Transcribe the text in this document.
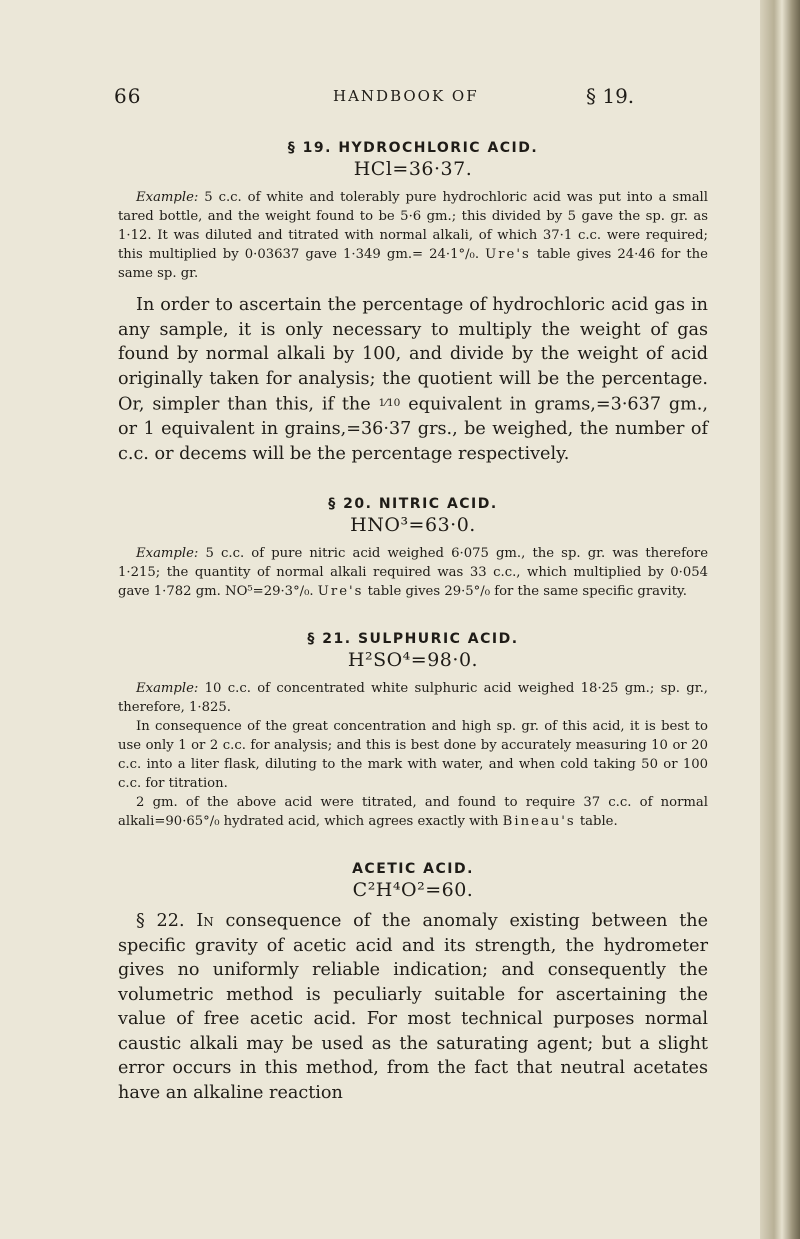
66	HANDBOOK OF	§ 19.
§ 19. HYDROCHLORIC ACID.
HCl=36·37.

Example: 5 c.c. of white and tolerably pure hydrochloric acid was put into a small tared bottle, and the weight found to be 5·6 gm.; this divided by 5 gave the sp. gr. as 1·12. It was diluted and titrated with normal alkali, of which 37·1 c.c. were required; this multiplied by 0·03637 gave 1·349 gm.= 24·1°/₀. Ure's table gives 24·46 for the same sp. gr.

In order to ascertain the percentage of hydrochloric acid gas in any sample, it is only necessary to multiply the weight of gas found by normal alkali by 100, and divide by the weight of acid originally taken for analysis; the quotient will be the percentage. Or, simpler than this, if the $^{1⁄10}$ equivalent in grams,=3·637 gm., or 1 equivalent in grains,=36·37 grs., be weighed, the number of c.c. or decems will be the percentage respectively.

§ 20. NITRIC ACID.
HNO³=63·0.

Example: 5 c.c. of pure nitric acid weighed 6·075 gm., the sp. gr. was therefore 1·215; the quantity of normal alkali required was 33 c.c., which multiplied by 0·054 gave 1·782 gm. NO⁵=29·3°/₀. Ure's table gives 29·5°/₀ for the same specific gravity.

§ 21. SULPHURIC ACID.
H²SO⁴=98·0.

Example: 10 c.c. of concentrated white sulphuric acid weighed 18·25 gm.; sp. gr., therefore, 1·825.

In consequence of the great concentration and high sp. gr. of this acid, it is best to use only 1 or 2 c.c. for analysis; and this is best done by accurately measuring 10 or 20 c.c. into a liter flask, diluting to the mark with water, and when cold taking 50 or 100 c.c. for titration.

2 gm. of the above acid were titrated, and found to require 37 c.c. of normal alkali=90·65°/₀ hydrated acid, which agrees exactly with Bineau's table.

ACETIC ACID.
C²H⁴O²=60.

§ 22. In consequence of the anomaly existing between the specific gravity of acetic acid and its strength, the hydrometer gives no uniformly reliable indication; and consequently the volumetric method is peculiarly suitable for ascertaining the value of free acetic acid. For most technical purposes normal caustic alkali may be used as the saturating agent; but a slight error occurs in this method, from the fact that neutral acetates have an alkaline reaction
